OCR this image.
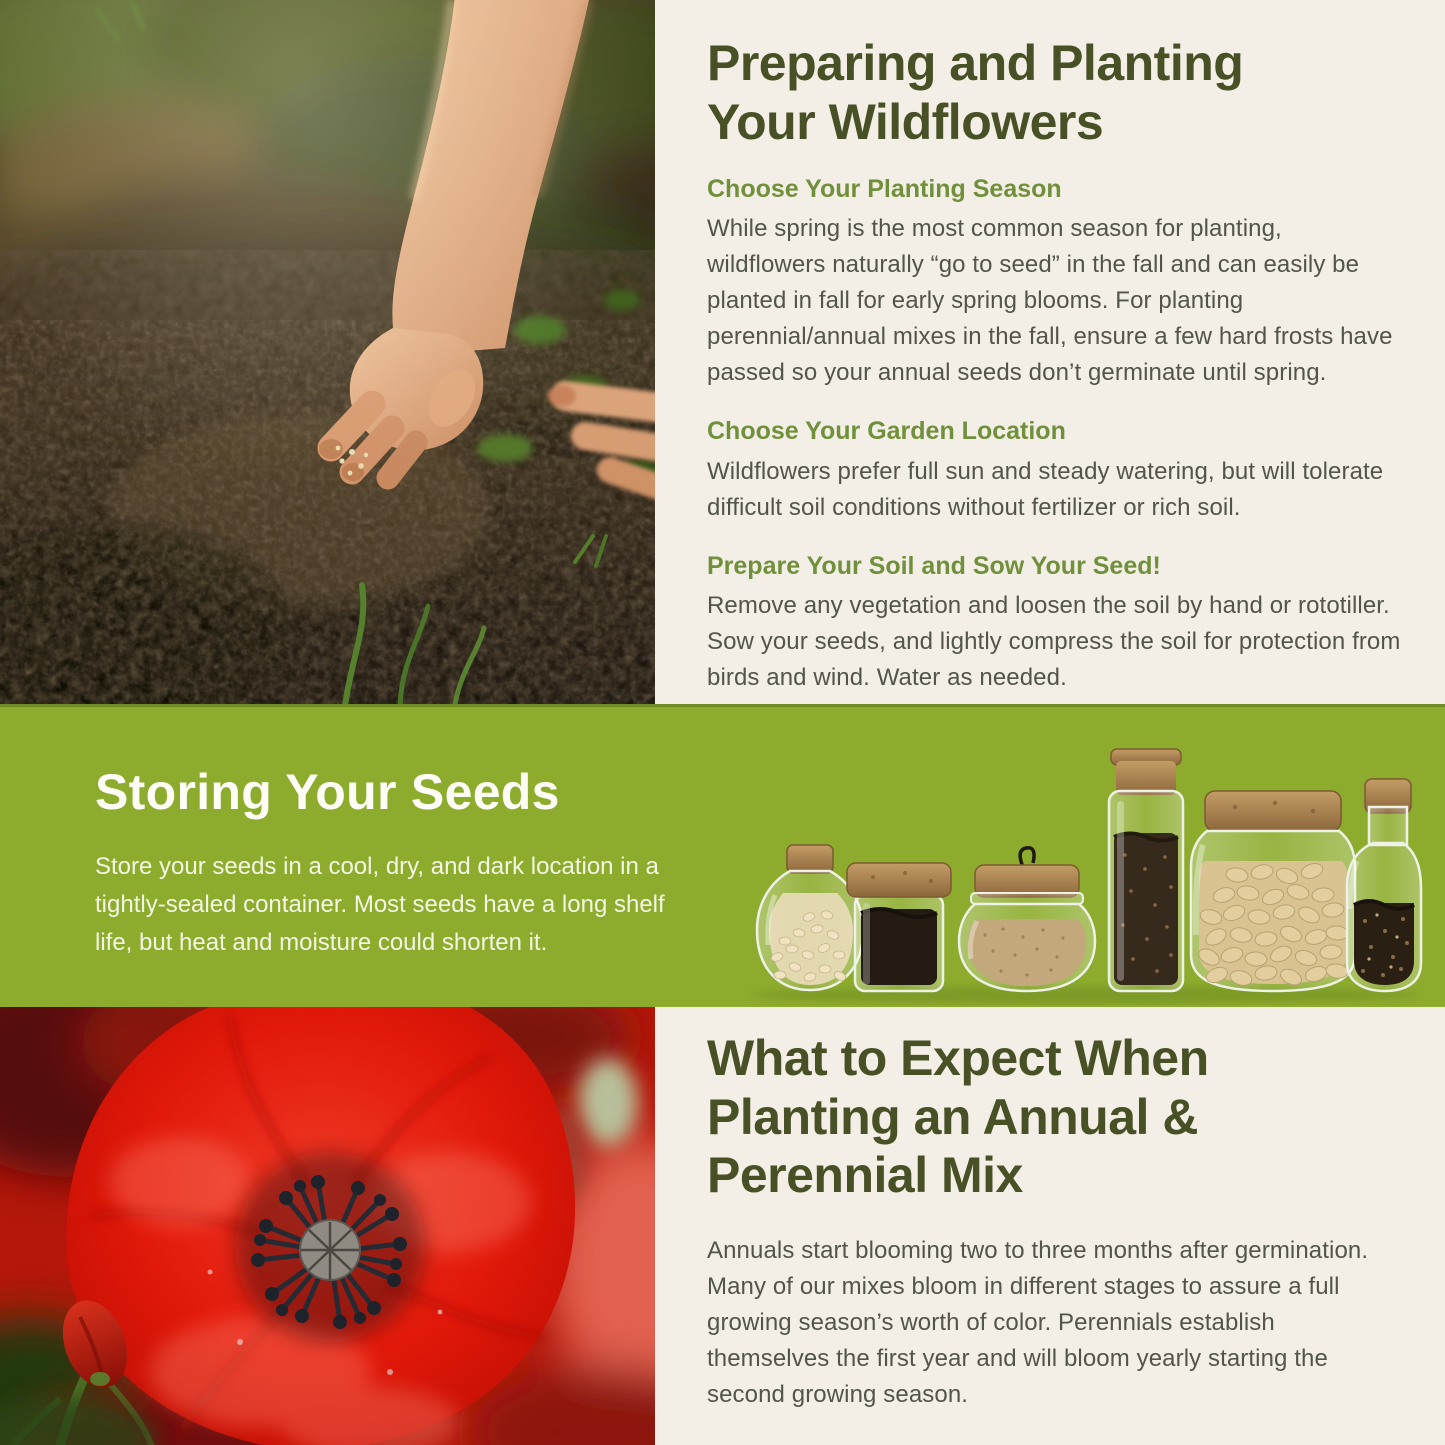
Preparing and Planting
Your Wildflowers
Choose Your Planting Season

While spring is the most common season for planting, wildflowers naturally “go to seed” in the fall and can easily be planted in fall for early spring blooms. For planting perennial/annual mixes in the fall, ensure a few hard frosts have passed so your annual seeds don’t germinate until spring.

Choose Your Garden Location

Wildflowers prefer full sun and steady watering, but will tolerate difficult soil conditions without fertilizer or rich soil.

Prepare Your Soil and Sow Your Seed!

Remove any vegetation and loosen the soil by hand or rototiller. Sow your seeds, and lightly compress the soil for protection from birds and wind. Water as needed.

Storing Your Seeds

Store your seeds in a cool, dry, and dark location in a tightly-sealed container. Most seeds have a long shelf life, but heat and moisture could shorten it.

What to Expect When
Planting an Annual &
Perennial Mix

Annuals start blooming two to three months after germination. Many of our mixes bloom in different stages to assure a full growing season’s worth of color. Perennials establish themselves the first year and will bloom yearly starting the second growing season.
